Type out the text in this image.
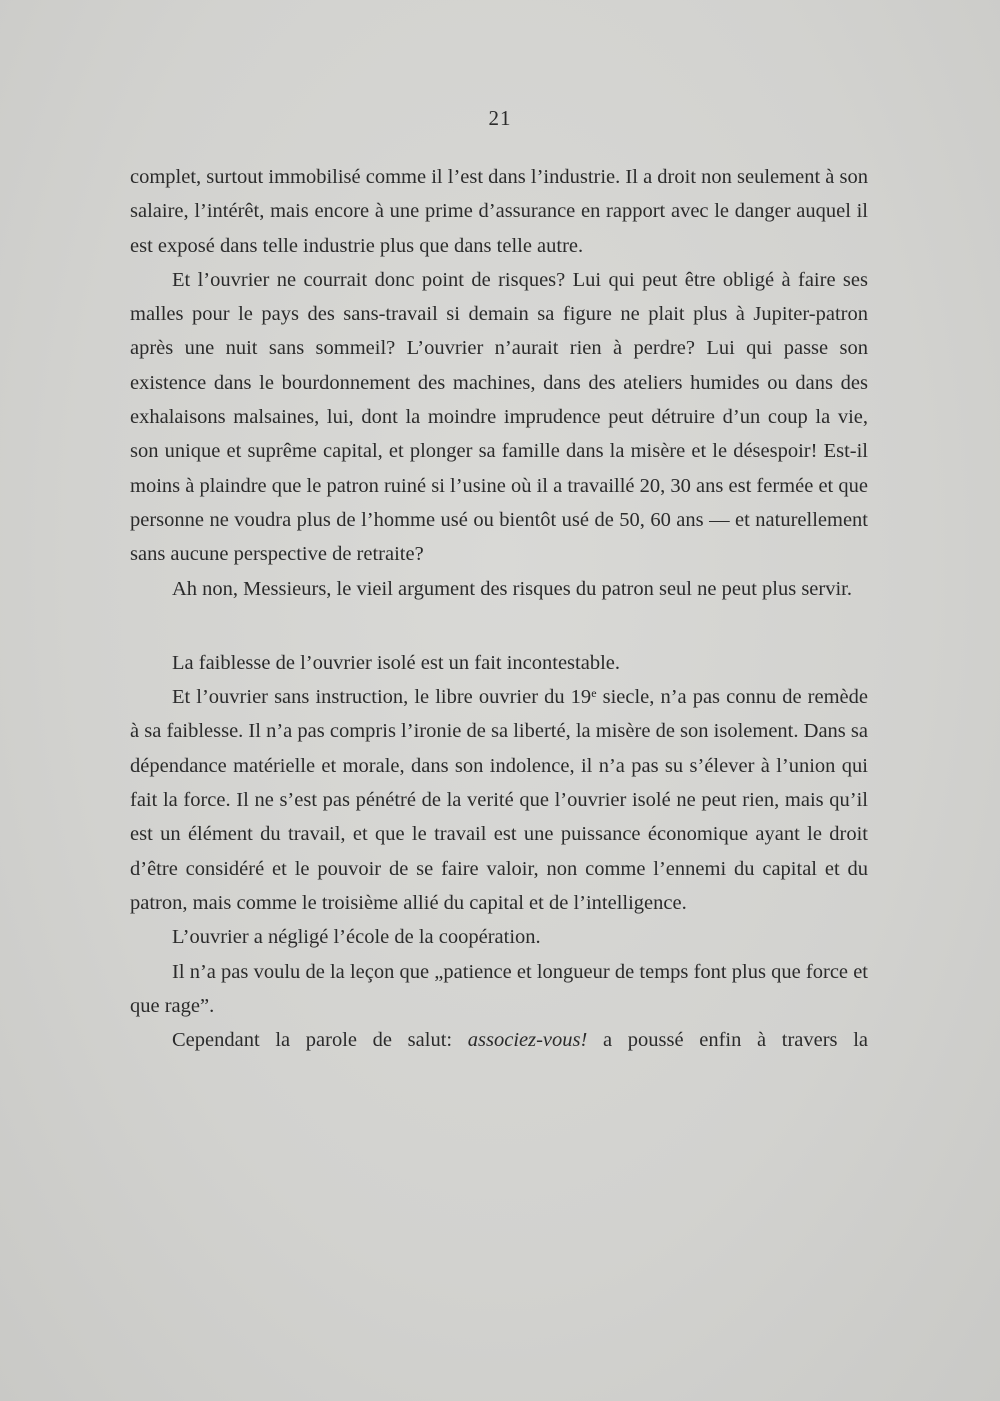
21

complet, surtout immobilisé comme il l’est dans l’industrie. Il a droit non seulement à son salaire, l’intérêt, mais encore à une prime d’assurance en rapport avec le danger auquel il est exposé dans telle industrie plus que dans telle autre.

Et l’ouvrier ne courrait donc point de risques? Lui qui peut être obligé à faire ses malles pour le pays des sans-travail si demain sa figure ne plait plus à Jupiter-patron après une nuit sans sommeil? L’ouvrier n’aurait rien à perdre? Lui qui passe son existence dans le bourdonnement des machines, dans des ateliers humides ou dans des exhalaisons malsaines, lui, dont la moindre imprudence peut détruire d’un coup la vie, son unique et suprême capital, et plonger sa famille dans la misère et le désespoir! Est-il moins à plaindre que le patron ruiné si l’usine où il a travaillé 20, 30 ans est fermée et que personne ne voudra plus de l’homme usé ou bientôt usé de 50, 60 ans — et naturellement sans aucune perspective de retraite?

Ah non, Messieurs, le vieil argument des risques du patron seul ne peut plus servir.

La faiblesse de l’ouvrier isolé est un fait incontestable.

Et l’ouvrier sans instruction, le libre ouvrier du 19e siecle, n’a pas connu de remède à sa faiblesse. Il n’a pas compris l’ironie de sa liberté, la misère de son isolement. Dans sa dépendance matérielle et morale, dans son indolence, il n’a pas su s’élever à l’union qui fait la force. Il ne s’est pas pénétré de la verité que l’ouvrier isolé ne peut rien, mais qu’il est un élément du travail, et que le travail est une puissance économique ayant le droit d’être considéré et le pouvoir de se faire valoir, non comme l’ennemi du capital et du patron, mais comme le troisième allié du capital et de l’intelligence.

L’ouvrier a négligé l’école de la coopération.

Il n’a pas voulu de la leçon que „patience et longueur de temps font plus que force et que rage”.

Cependant la parole de salut: associez-vous! a poussé enfin à travers la
